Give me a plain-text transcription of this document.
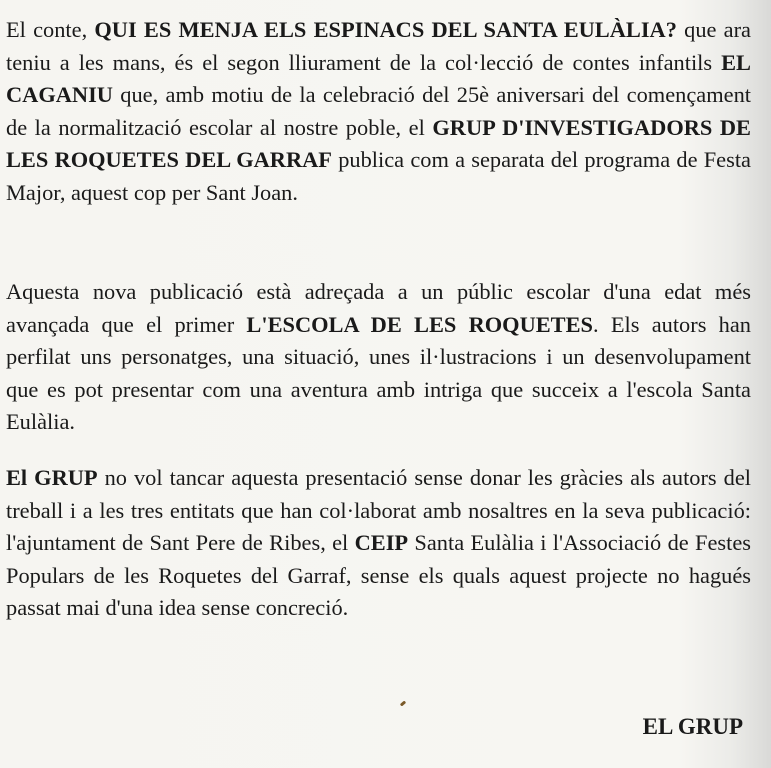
El conte, QUI ES MENJA ELS ESPINACS DEL SANTA EULÀLIA? que ara teniu a les mans, és el segon lliurament de la col·lecció de contes infantils EL CAGANIU que, amb motiu de la celebració del 25è aniversari del començament de la normalització escolar al nostre poble, el GRUP D'INVESTIGADORS DE LES ROQUETES DEL GARRAF publica com a separata del programa de Festa Major, aquest cop per Sant Joan.

Aquesta nova publicació està adreçada a un públic escolar d'una edat més avançada que el primer L'ESCOLA DE LES ROQUETES. Els autors han perfilat uns personatges, una situació, unes il·lustracions i un desenvolupament que es pot presentar com una aventura amb intriga que succeix a l'escola Santa Eulàlia.

El GRUP no vol tancar aquesta presentació sense donar les gràcies als autors del treball i a les tres entitats que han col·laborat amb nosaltres en la seva publicació: l'ajuntament de Sant Pere de Ribes, el CEIP Santa Eulàlia i l'Associació de Festes Populars de les Roquetes del Garraf, sense els quals aquest projecte no hagués passat mai d'una idea sense concreció.

EL GRUP
